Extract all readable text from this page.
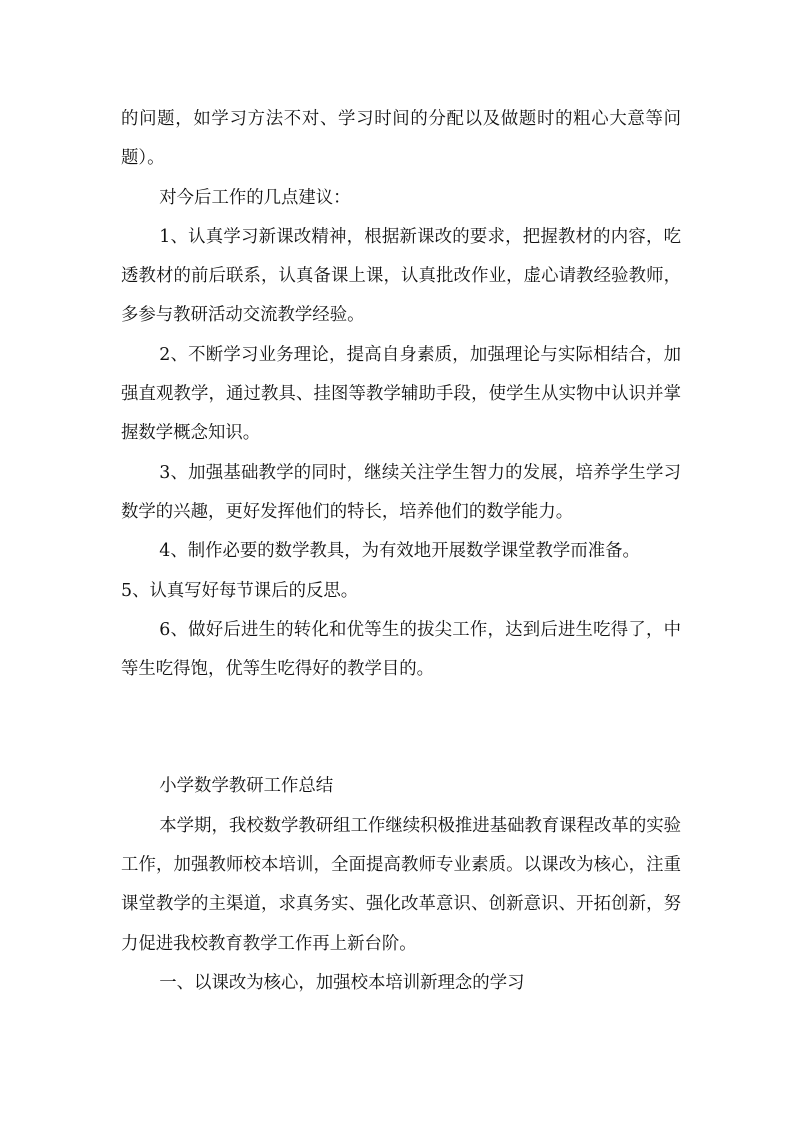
的问题，如学习方法不对、学习时间的分配以及做题时的粗心大意等问题）。

对今后工作的几点建议：

1、认真学习新课改精神，根据新课改的要求，把握教材的内容，吃透教材的前后联系，认真备课上课，认真批改作业，虚心请教经验教师，多参与教研活动交流教学经验。

2、不断学习业务理论，提高自身素质，加强理论与实际相结合，加强直观教学，通过教具、挂图等教学辅助手段，使学生从实物中认识并掌握数学概念知识。

3、加强基础教学的同时，继续关注学生智力的发展，培养学生学习数学的兴趣，更好发挥他们的特长，培养他们的数学能力。

4、制作必要的数学教具，为有效地开展数学课堂教学而准备。

5、认真写好每节课后的反思。

6、做好后进生的转化和优等生的拔尖工作，达到后进生吃得了，中等生吃得饱，优等生吃得好的教学目的。

小学数学教研工作总结

本学期，我校数学教研组工作继续积极推进基础教育课程改革的实验工作，加强教师校本培训，全面提高教师专业素质。以课改为核心，注重课堂教学的主渠道，求真务实、强化改革意识、创新意识、开拓创新，努力促进我校教育教学工作再上新台阶。

一、以课改为核心，加强校本培训新理念的学习
